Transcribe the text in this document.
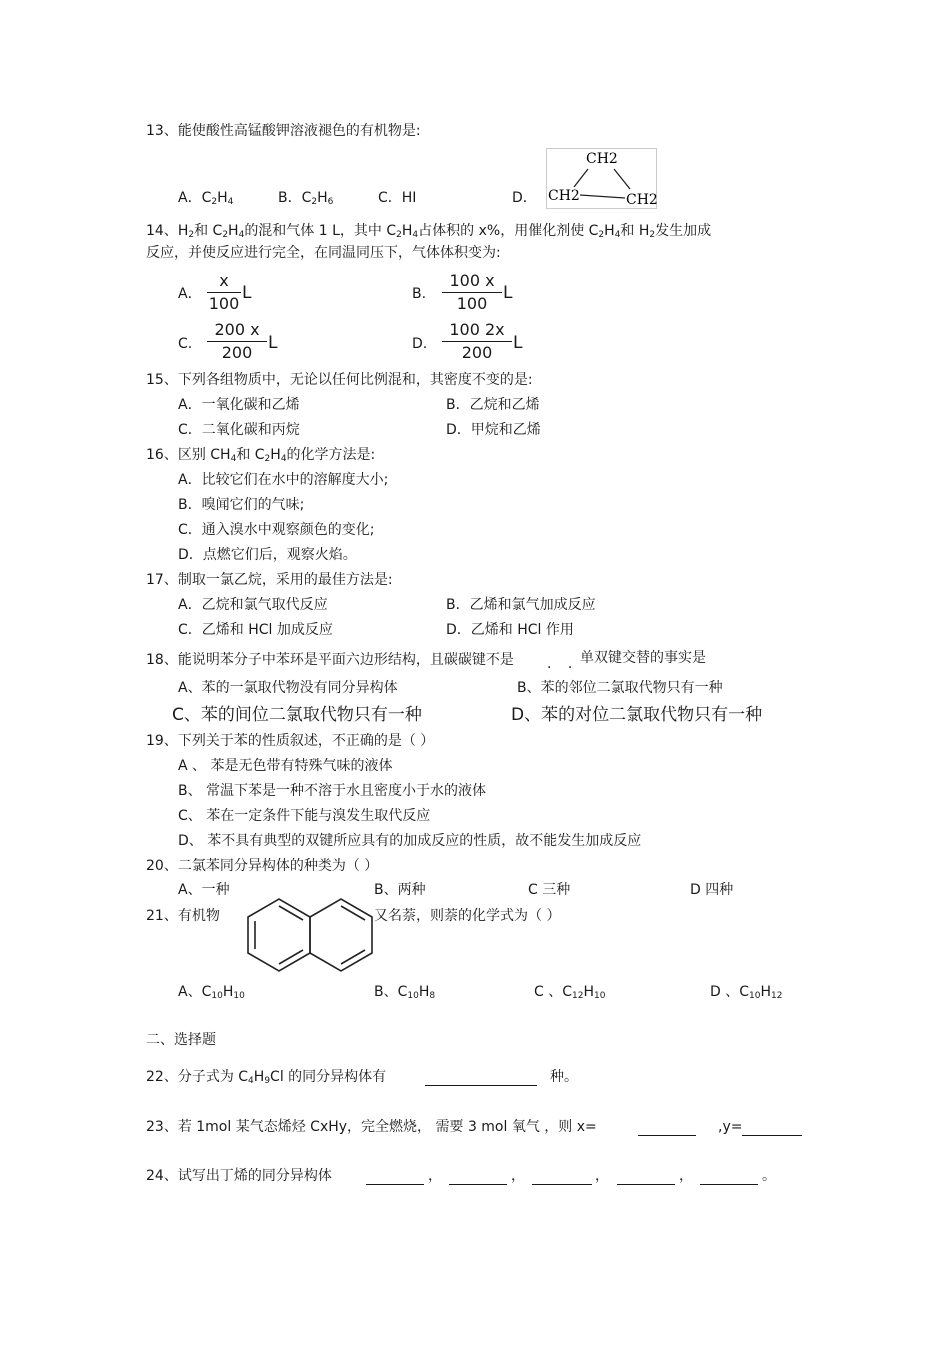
13、能使酸性高锰酸钾溶液褪色的有机物是:
A．$C_2H_4$	B．$C_2H_6$	C．HI	D．
CH2
CH2	CH2
14、$H_2$和 $C_2H_4$的混和气体 1 L，其中 $C_2H_4$占体积的 x%，用催化剂使 $C_2H_4$和 $H_2$发生加成
反应，并使反应进行完全，在同温同压下，气体体积变为:
A．
x
100
L	B.
100 x
100
L
C.
200 x
200 L	D.
100 2x
200	L
15、下列各组物质中，无论以任何比例混和，其密度不变的是:
A．一氧化碳和乙烯	B．乙烷和乙烯
C．二氧化碳和丙烷	D．甲烷和乙烯
16、区别 $CH_4$和 $C_2H_4$的化学方法是:
A．比较它们在水中的溶解度大小;
B．嗅闻它们的气味;
C．通入溴水中观察颜色的变化;
D．点燃它们后，观察火焰。
17、制取一氯乙烷，采用的最佳方法是:
A．乙烷和氯气取代反应	B．乙烯和氯气加成反应
C．乙烯和 HCl 加成反应	D．乙烯和 HCl 作用
18、能说明苯分子中苯环是平面六边形结构，且碳碳键不是 . . 单双键交替的事实是
A、苯的一氯取代物没有同分异构体	B、苯的邻位二氯取代物只有一种
C、苯的间位二氯取代物只有一种	D、苯的对位二氯取代物只有一种
19、下列关于苯的性质叙述，不正确的是（ ）
A 、 苯是无色带有特殊气味的液体
B、 常温下苯是一种不溶于水且密度小于水的液体
C、 苯在一定条件下能与溴发生取代反应
D、 苯不具有典型的双键所应具有的加成反应的性质，故不能发生加成反应
20、二氯苯同分异构体的种类为（ ）
A、一种	B、两种	C 三种	D 四种
21、有机物	又名萘，则萘的化学式为（ ）
A、$C_{10}H_{10}$	B、$C_{10}H_8$	C 、$C_{12}H_{10}$	D 、$C_{10}H_{12}$
二、选择题
22、分子式为 $C_4H_9Cl$ 的同分异构体有	种。
23、若 1mol 某气态烯烃 CxHy，完全燃烧， 需要 3 mol 氧气 ，则 x=	,y=
24、试写出丁烯的同分异构体	，	，	，	，	。
